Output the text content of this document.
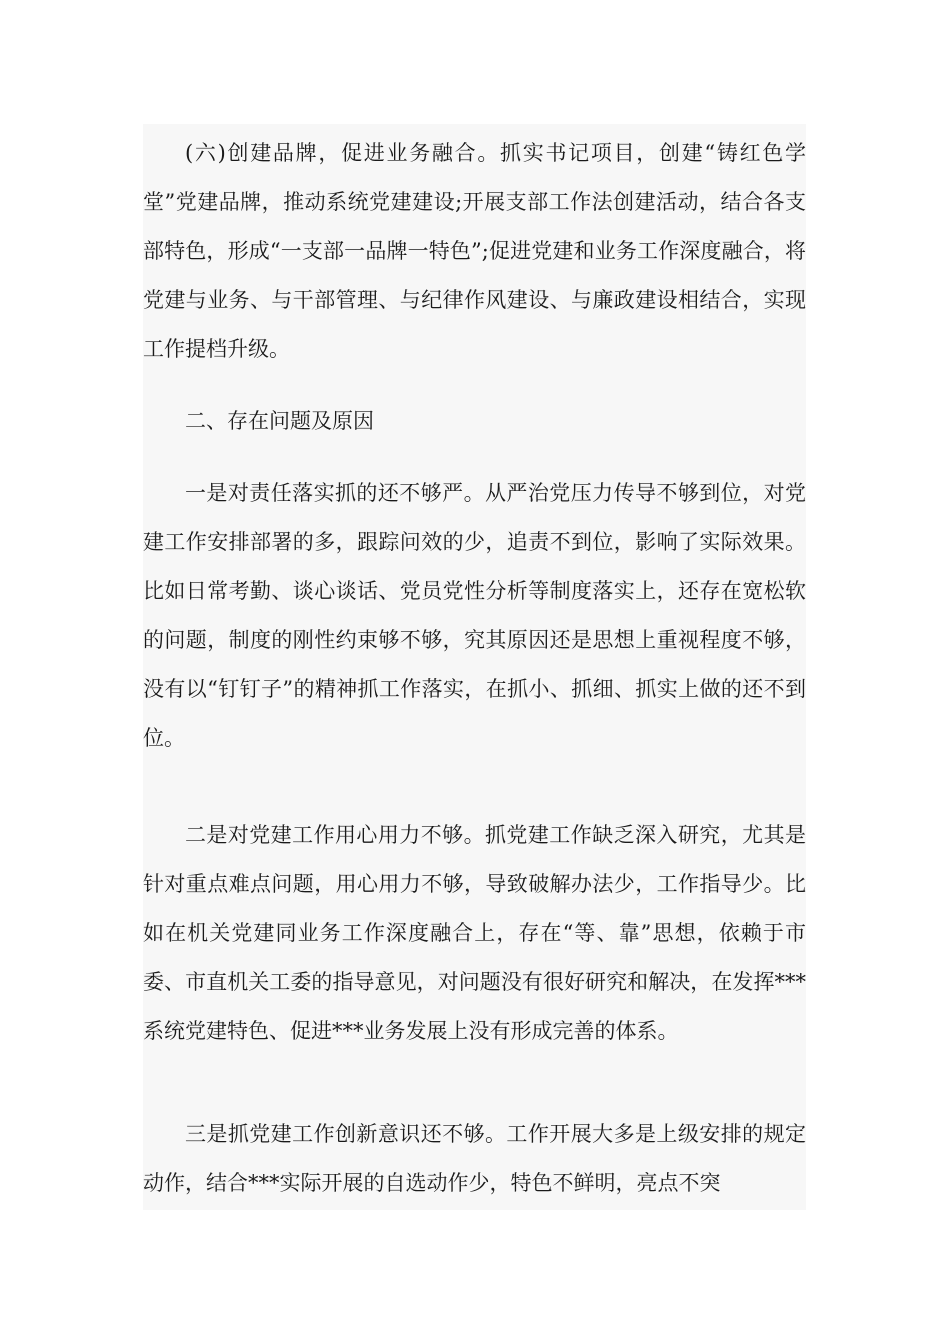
(六)创建品牌，促进业务融合。抓实书记项目，创建“铸红色学堂”党建品牌，推动系统党建建设;开展支部工作法创建活动，结合各支部特色，形成“一支部一品牌一特色”;促进党建和业务工作深度融合，将党建与业务、与干部管理、与纪律作风建设、与廉政建设相结合，实现工作提档升级。

二、存在问题及原因

一是对责任落实抓的还不够严。从严治党压力传导不够到位，对党建工作安排部署的多，跟踪问效的少，追责不到位，影响了实际效果。比如日常考勤、谈心谈话、党员党性分析等制度落实上，还存在宽松软的问题，制度的刚性约束够不够，究其原因还是思想上重视程度不够，没有以“钉钉子”的精神抓工作落实，在抓小、抓细、抓实上做的还不到位。

二是对党建工作用心用力不够。抓党建工作缺乏深入研究，尤其是针对重点难点问题，用心用力不够，导致破解办法少，工作指导少。比如在机关党建同业务工作深度融合上，存在“等、靠”思想，依赖于市委、市直机关工委的指导意见，对问题没有很好研究和解决，在发挥***系统党建特色、促进***业务发展上没有形成完善的体系。

三是抓党建工作创新意识还不够。工作开展大多是上级安排的规定动作，结合***实际开展的自选动作少，特色不鲜明，亮点不突
